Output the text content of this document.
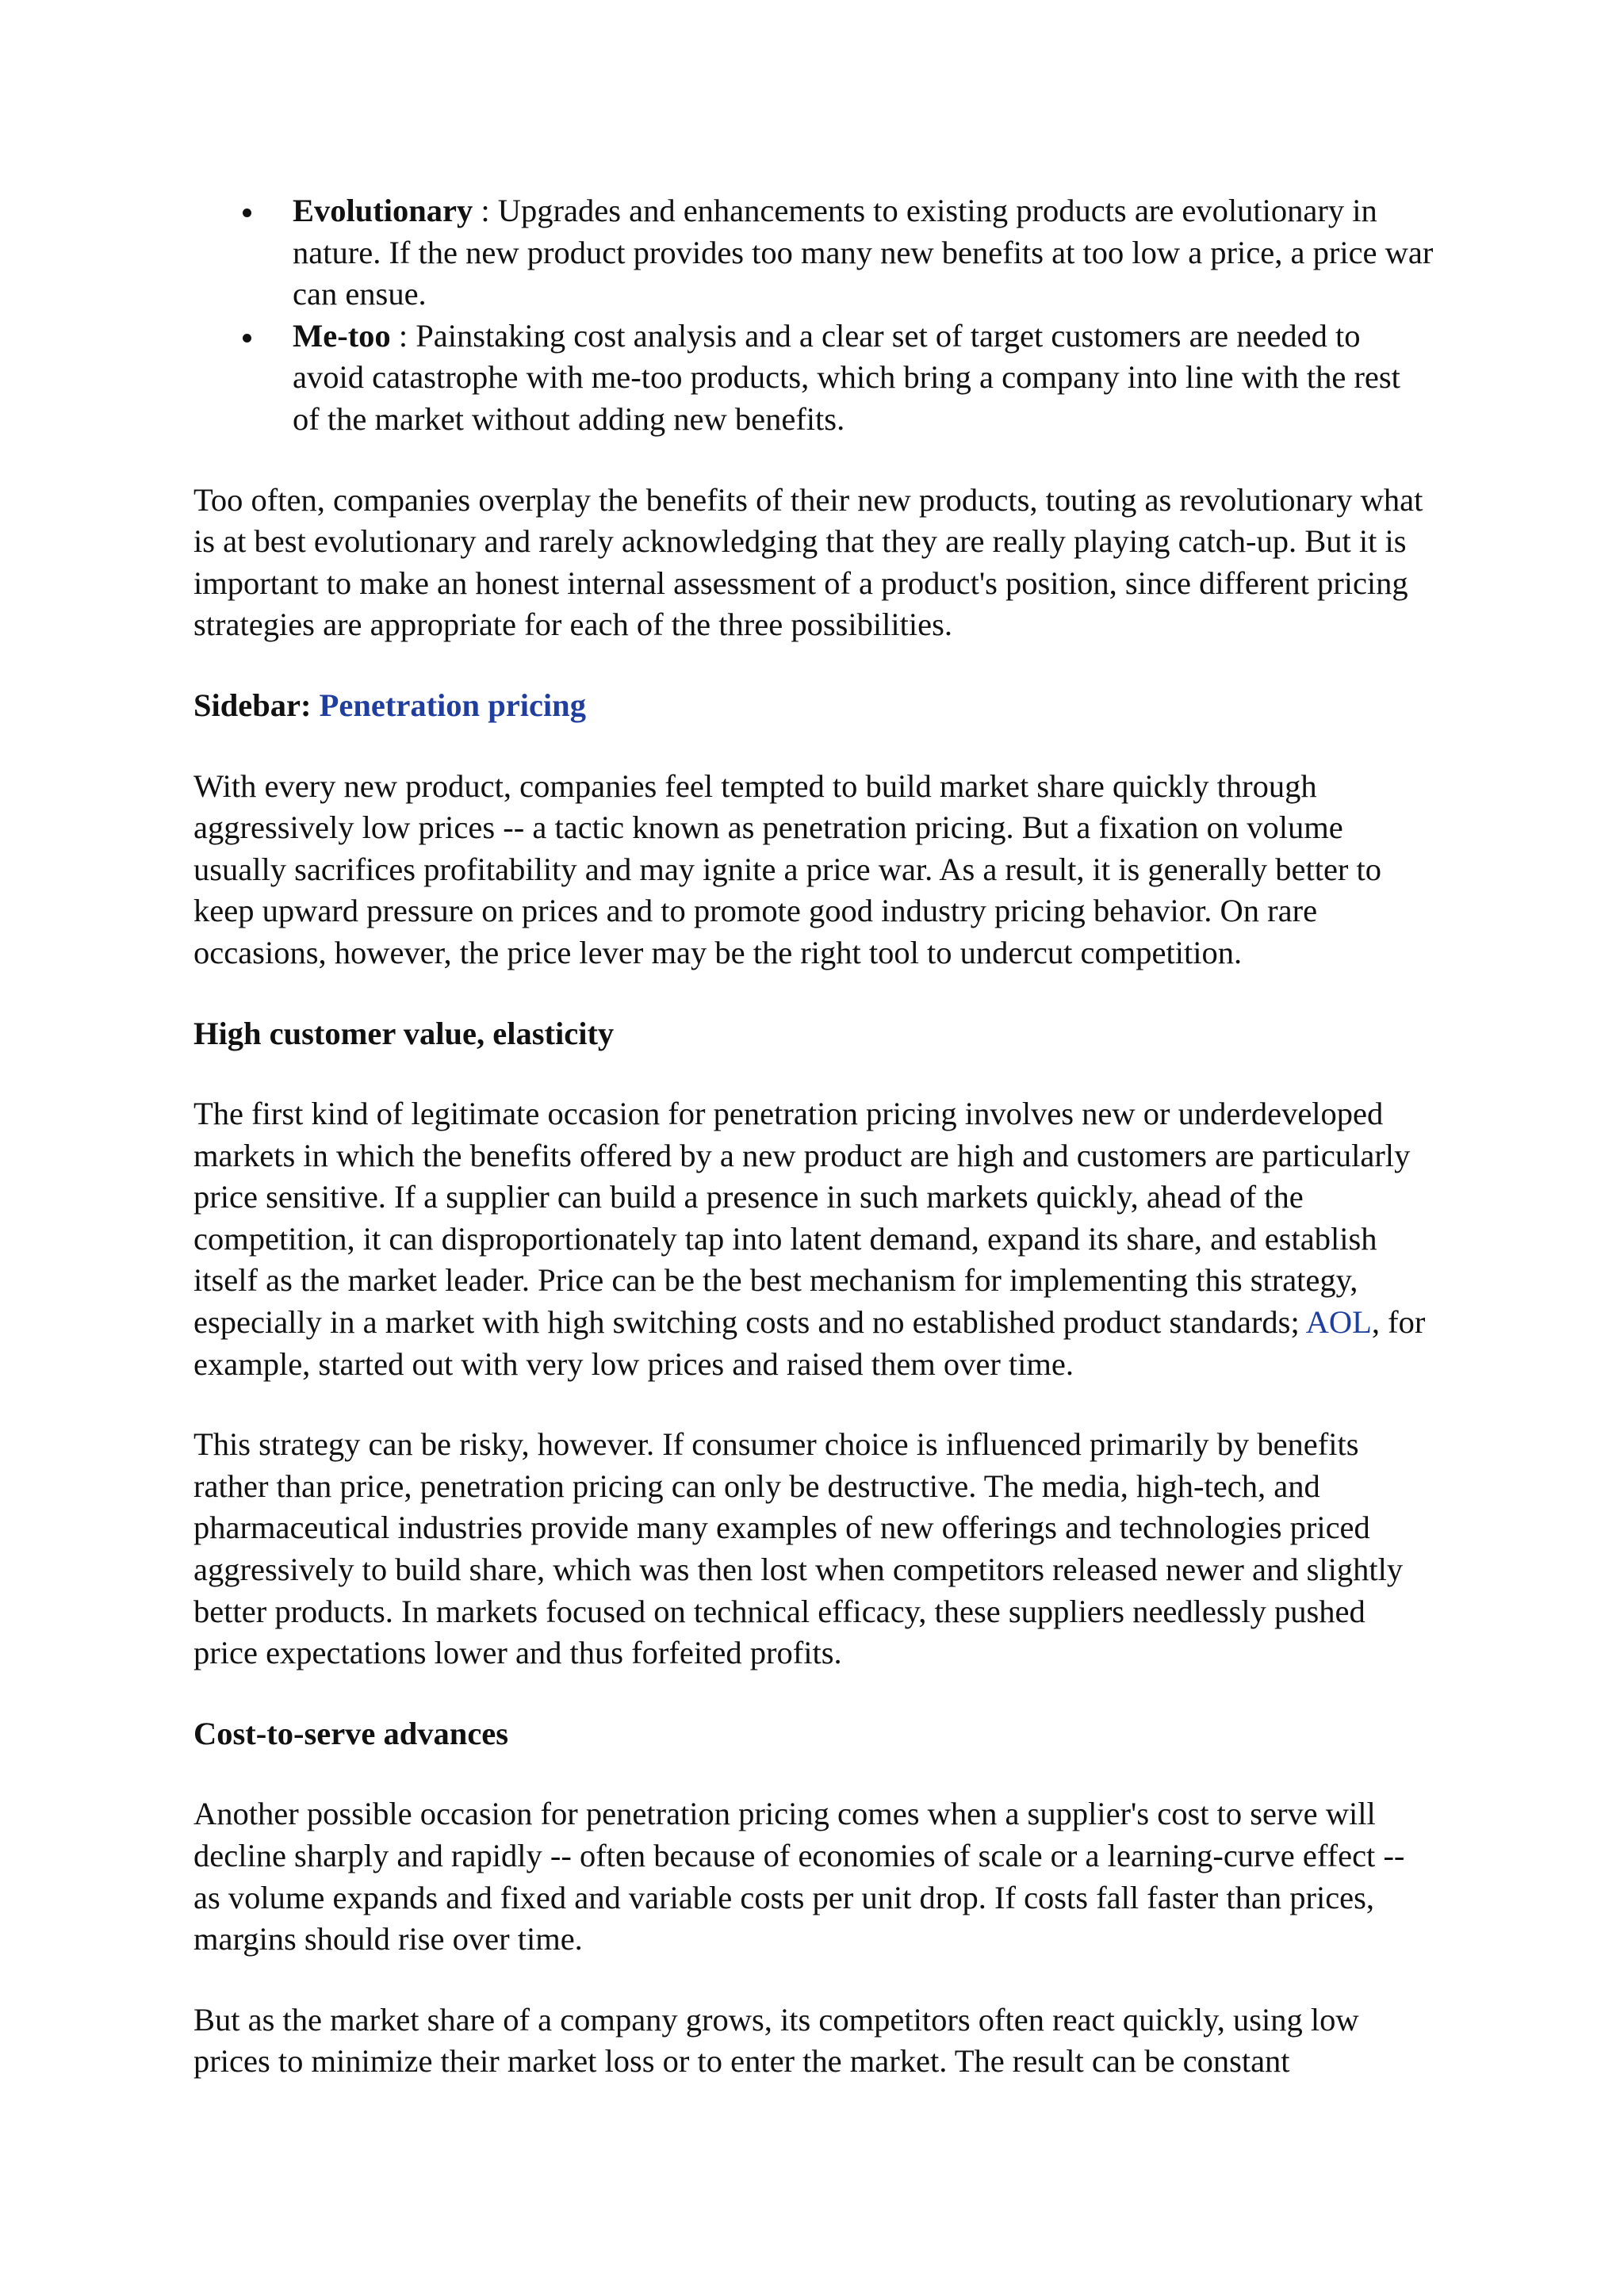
Evolutionary : Upgrades and enhancements to existing products are evolutionary in nature. If the new product provides too many new benefits at too low a price, a price war can ensue.
Me-too : Painstaking cost analysis and a clear set of target customers are needed to avoid catastrophe with me-too products, which bring a company into line with the rest of the market without adding new benefits.

Too often, companies overplay the benefits of their new products, touting as revolutionary what is at best evolutionary and rarely acknowledging that they are really playing catch-up. But it is important to make an honest internal assessment of a product's position, since different pricing strategies are appropriate for each of the three possibilities.

Sidebar: Penetration pricing

With every new product, companies feel tempted to build market share quickly through aggressively low prices -- a tactic known as penetration pricing. But a fixation on volume usually sacrifices profitability and may ignite a price war. As a result, it is generally better to keep upward pressure on prices and to promote good industry pricing behavior. On rare occasions, however, the price lever may be the right tool to undercut competition.

High customer value, elasticity

The first kind of legitimate occasion for penetration pricing involves new or underdeveloped markets in which the benefits offered by a new product are high and customers are particularly price sensitive. If a supplier can build a presence in such markets quickly, ahead of the competition, it can disproportionately tap into latent demand, expand its share, and establish itself as the market leader. Price can be the best mechanism for implementing this strategy, especially in a market with high switching costs and no established product standards; AOL, for example, started out with very low prices and raised them over time.

This strategy can be risky, however. If consumer choice is influenced primarily by benefits rather than price, penetration pricing can only be destructive. The media, high-tech, and pharmaceutical industries provide many examples of new offerings and technologies priced aggressively to build share, which was then lost when competitors released newer and slightly better products. In markets focused on technical efficacy, these suppliers needlessly pushed price expectations lower and thus forfeited profits.

Cost-to-serve advances

Another possible occasion for penetration pricing comes when a supplier's cost to serve will decline sharply and rapidly -- often because of economies of scale or a learning-curve effect -- as volume expands and fixed and variable costs per unit drop. If costs fall faster than prices, margins should rise over time.

But as the market share of a company grows, its competitors often react quickly, using low prices to minimize their market loss or to enter the market. The result can be constant
